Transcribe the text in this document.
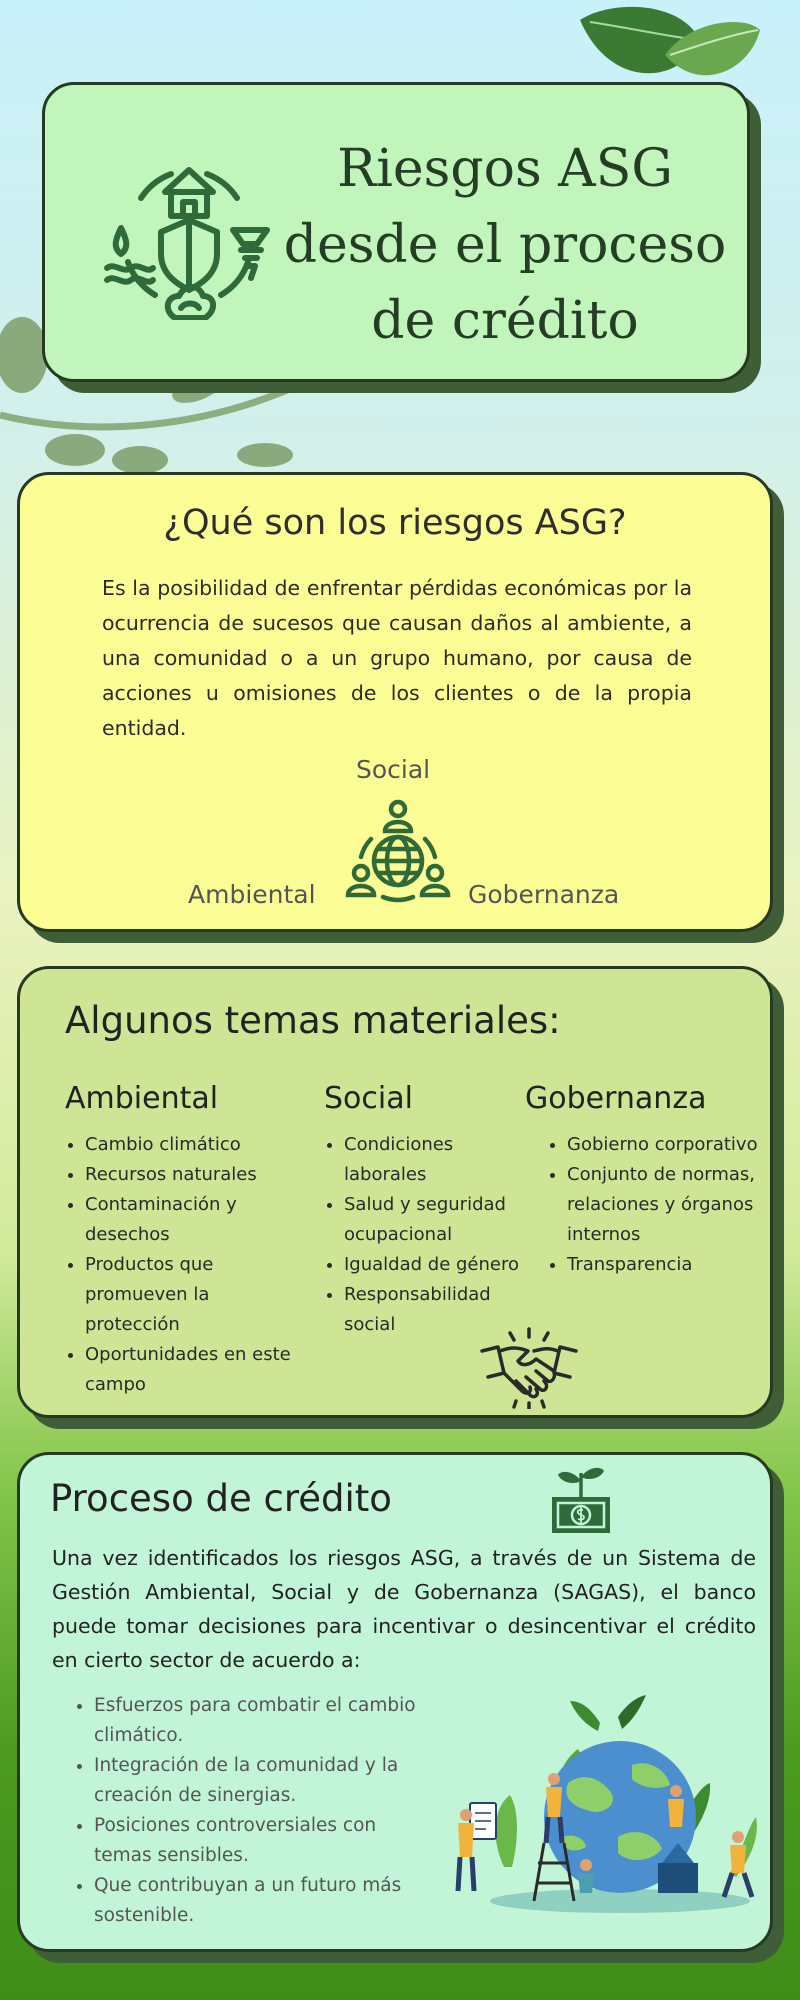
Riesgos ASG desde el proceso de crédito
¿Qué son los riesgos ASG?

Es la posibilidad de enfrentar pérdidas económicas por la ocurrencia de sucesos que causan daños al ambiente, a una comunidad o a un grupo humano, por causa de acciones u omisiones de los clientes o de la propia entidad.

Social
Ambiental	Gobernanza
Algunos temas materiales:
Ambiental
• Cambio climático
• Recursos naturales
• Contaminación y desechos
• Productos que promueven la protección
• Oportunidades en este campo
Social
• Condiciones laborales
• Salud y seguridad ocupacional
• Igualdad de género
• Responsabilidad social
Gobernanza
• Gobierno corporativo
• Conjunto de normas, relaciones y órganos internos
• Transparencia
Proceso de crédito

Una vez identificados los riesgos ASG, a través de un Sistema de Gestión Ambiental, Social y de Gobernanza (SAGAS), el banco puede tomar decisiones para incentivar o desincentivar el crédito en cierto sector de acuerdo a:

• Esfuerzos para combatir el cambio climático.
• Integración de la comunidad y la creación de sinergias.
• Posiciones controversiales con temas sensibles.
• Que contribuyan a un futuro más sostenible.
